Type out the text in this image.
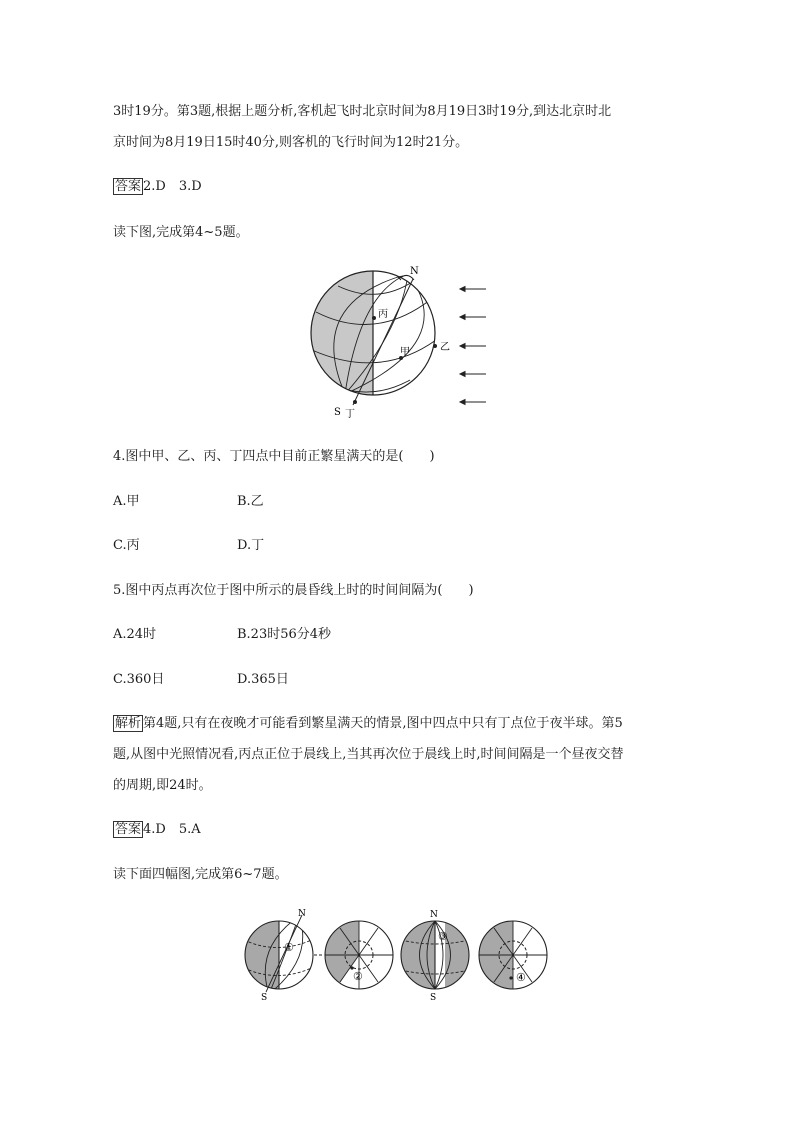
3时19分。第3题,根据上题分析,客机起飞时北京时间为8月19日3时19分,到达北京时北
京时间为8月19日15时40分,则客机的飞行时间为12时21分。
答案 2.D　3.D
读下图,完成第4~5题。
N
S
丙
甲	乙
丁
4.图中甲、乙、丙、丁四点中目前正繁星满天的是(　　)
A.甲	B.乙
C.丙	D.丁
5.图中丙点再次位于图中所示的晨昏线上时的时间间隔为(　　)
A.24时	B.23时56分4秒
C.360日	D.365日
解析 第4题,只有在夜晚才可能看到繁星满天的情景,图中四点中只有丁点位于夜半球。第5
题,从图中光照情况看,丙点正位于晨线上,当其再次位于晨线上时,时间间隔是一个昼夜交替
的周期,即24时。
答案 4.D　5.A
读下面四幅图,完成第6~7题。
N
S
①
②
N
S
③
④
